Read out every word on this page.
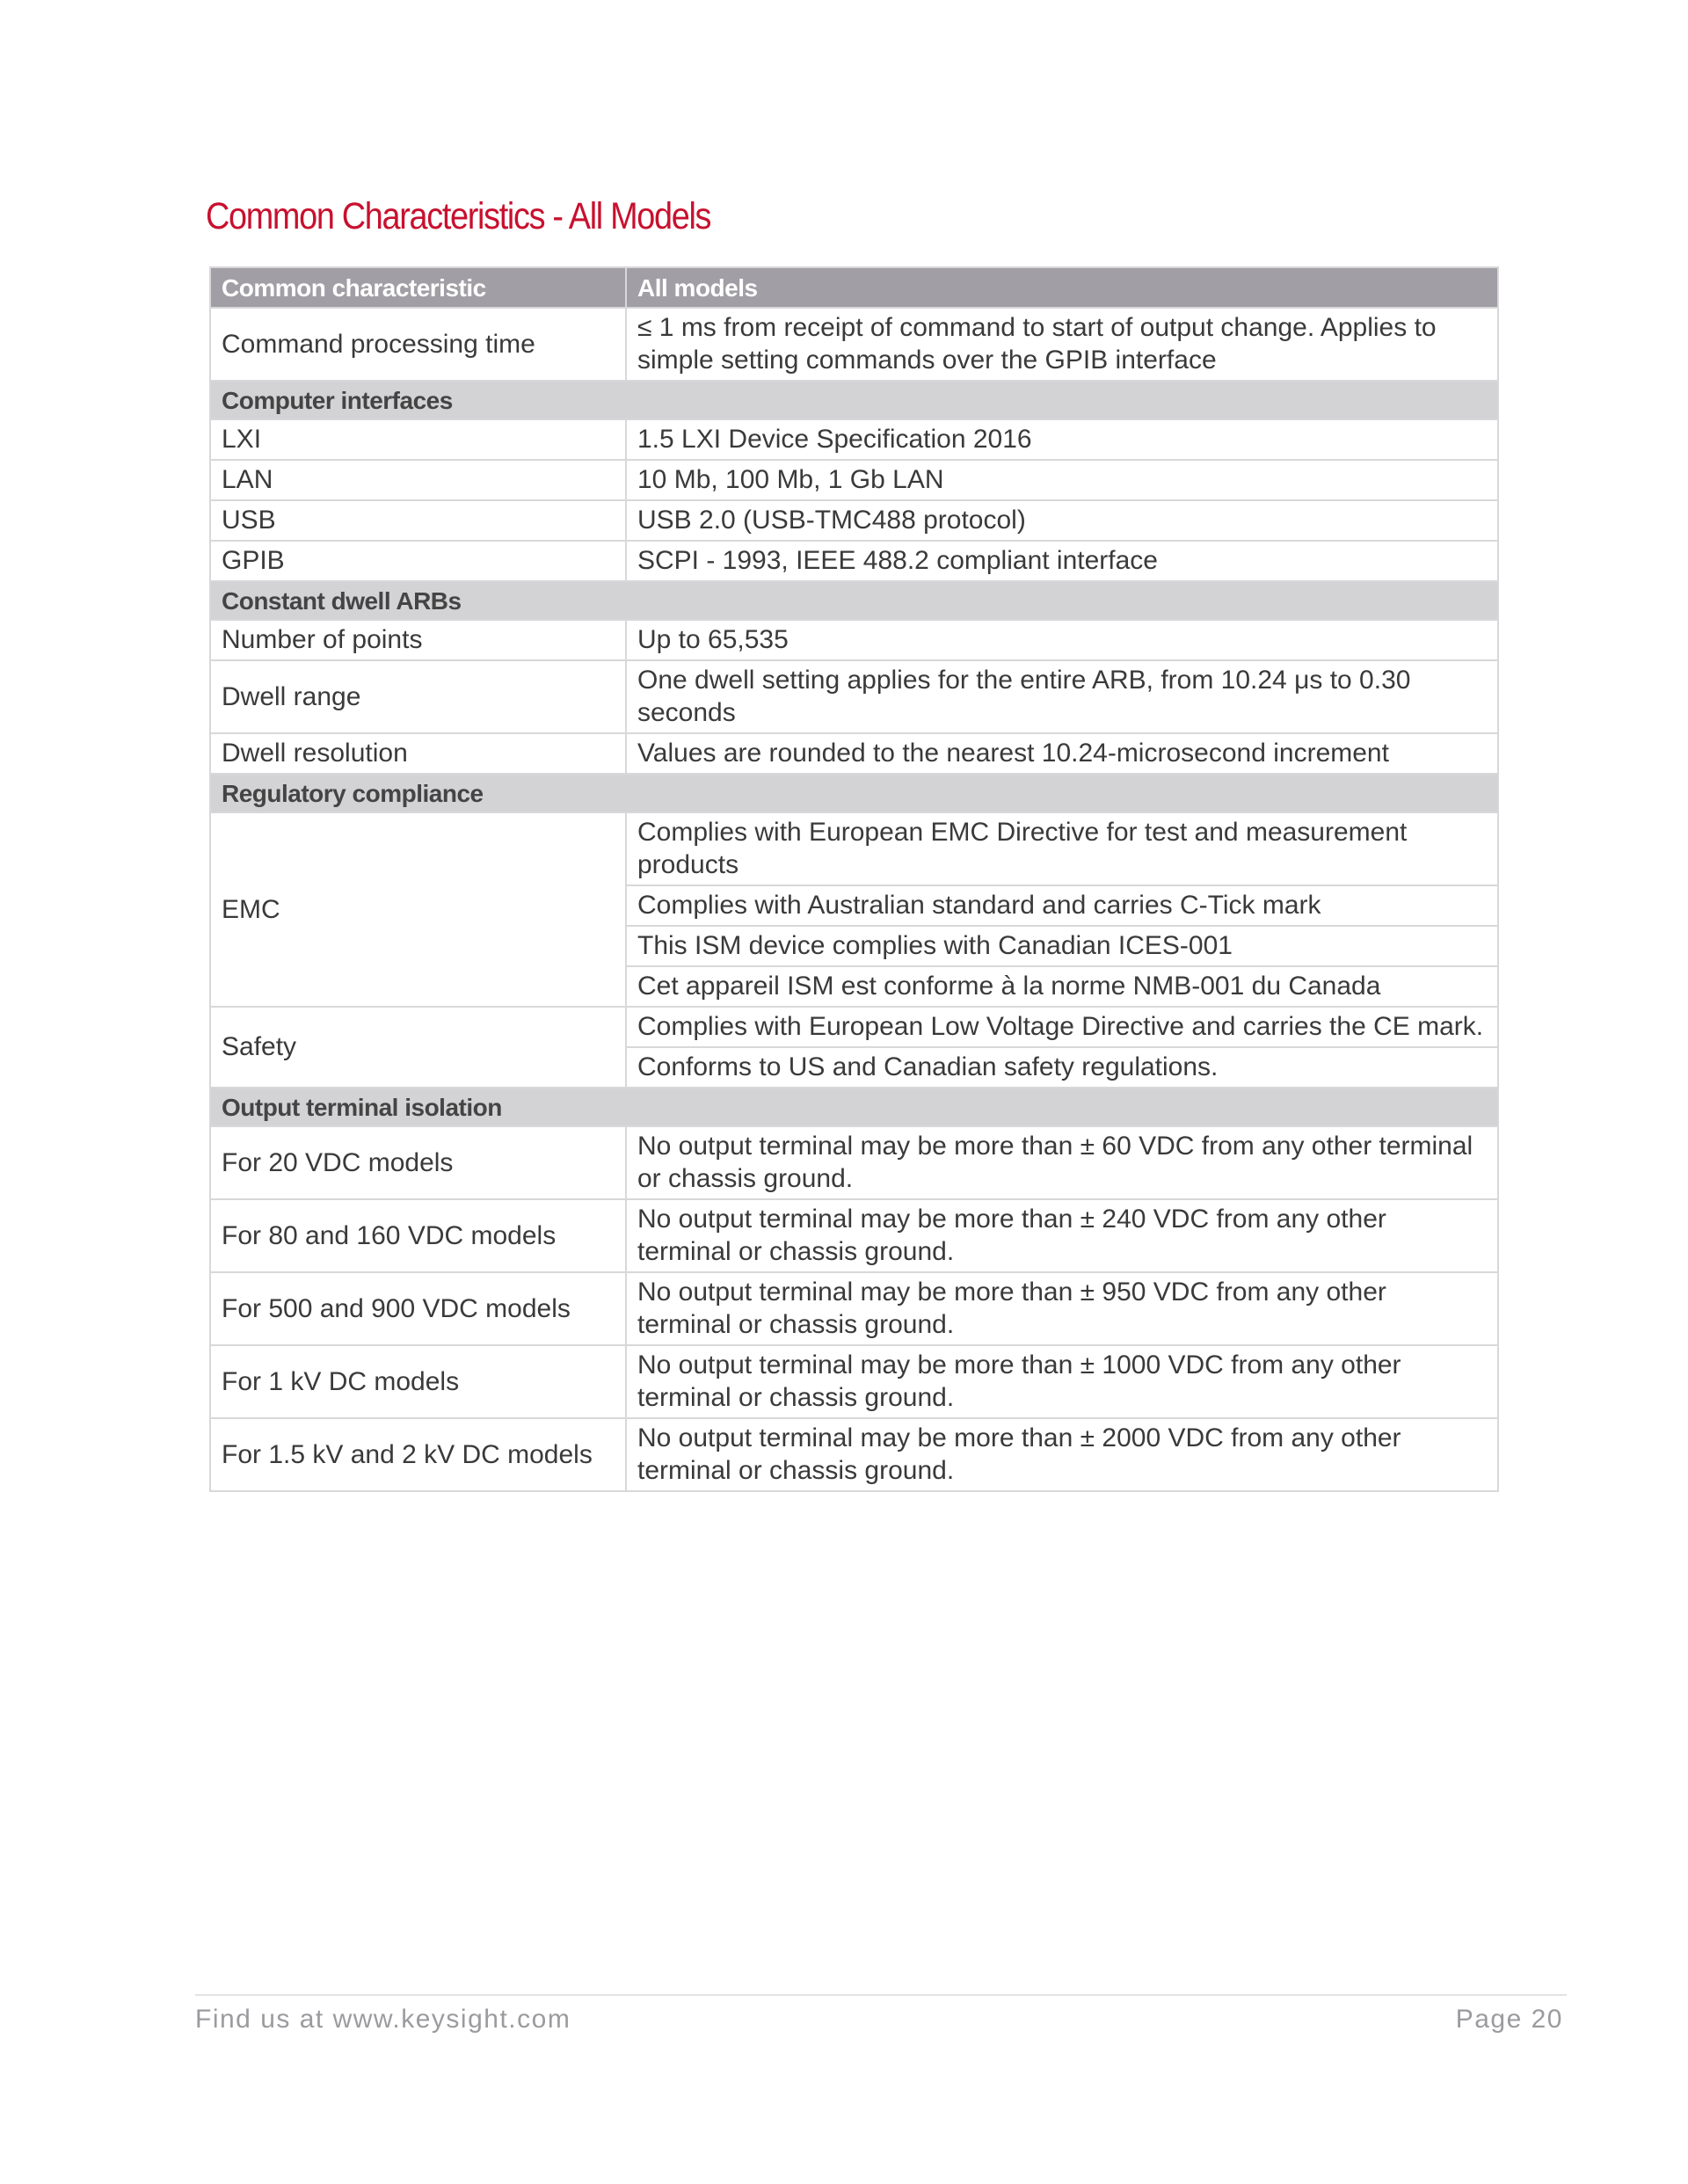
Common Characteristics - All Models
Common characteristic	All models
Command processing time	≤ 1 ms from receipt of command to start of output change. Applies to simple setting commands over the GPIB interface
Computer interfaces	
LXI	1.5 LXI Device Specification 2016
LAN	10 Mb, 100 Mb, 1 Gb LAN
USB	USB 2.0 (USB-TMC488 protocol)
GPIB	SCPI - 1993, IEEE 488.2 compliant interface
Constant dwell ARBs	
Number of points	Up to 65,535
Dwell range	One dwell setting applies for the entire ARB, from 10.24 μs to 0.30 seconds
Dwell resolution	Values are rounded to the nearest 10.24-microsecond increment
Regulatory compliance	
EMC	Complies with European EMC Directive for test and measurement products
	Complies with Australian standard and carries C-Tick mark
	This ISM device complies with Canadian ICES-001
	Cet appareil ISM est conforme à la norme NMB-001 du Canada
Safety	Complies with European Low Voltage Directive and carries the CE mark.
	Conforms to US and Canadian safety regulations.
Output terminal isolation	
For 20 VDC models	No output terminal may be more than ± 60 VDC from any other terminal or chassis ground.
For 80 and 160 VDC models	No output terminal may be more than ± 240 VDC from any other terminal or chassis ground.
For 500 and 900 VDC models	No output terminal may be more than ± 950 VDC from any other terminal or chassis ground.
For 1 kV DC models	No output terminal may be more than ± 1000 VDC from any other terminal or chassis ground.
For 1.5 kV and 2 kV DC models	No output terminal may be more than ± 2000 VDC from any other terminal or chassis ground.
Find us at www.keysight.com	Page 20
